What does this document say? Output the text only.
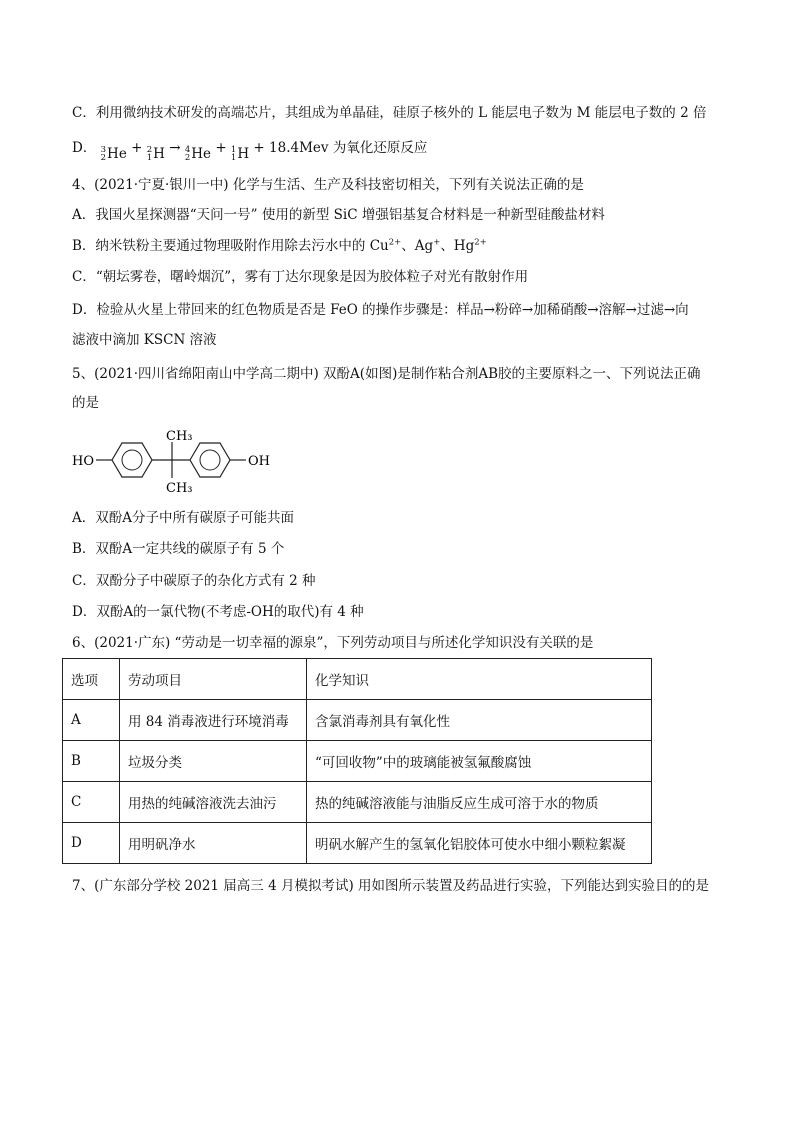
C．利用微纳技术研发的高端芯片，其组成为单晶硅，硅原子核外的 L 能层电子数为 M 能层电子数的 2 倍
D． 3
2 He + 2
1 H → 4
2 He + 1
1 H + 18.4Mev 为氧化还原反应
4、(2021·宁夏·银川一中) 化学与生活、生产及科技密切相关，下列有关说法正确的是
A．我国火星探测器“天问一号” 使用的新型 SiC 增强铝基复合材料是一种新型硅酸盐材料
B．纳米铁粉主要通过物理吸附作用除去污水中的 $Cu^{2+}$、Ag+、$Hg^{2+}$
C．“朝坛雾卷，曙岭烟沉”，雾有丁达尔现象是因为胶体粒子对光有散射作用
D．检验从火星上带回来的红色物质是否是 FeO 的操作步骤是：样品→粉碎→加稀硝酸→溶解→过滤→向
滤液中滴加 KSCN 溶液
5、(2021·四川省绵阳南山中学高二期中) 双酚A(如图)是制作粘合剂AB胶的主要原料之一、下列说法正确
的是
HO
CH₃
CH₃
OH
A．双酚A分子中所有碳原子可能共面
B．双酚A一定共线的碳原子有 5 个
C．双酚分子中碳原子的杂化方式有 2 种
D．双酚A的一氯代物(不考虑-OH的取代)有 4 种
6、(2021·广东) “劳动是一切幸福的源泉”，下列劳动项目与所述化学知识没有关联的是
选项	劳动项目	化学知识
A	用 84 消毒液进行环境消毒	含氯消毒剂具有氧化性
B	垃圾分类	“可回收物”中的玻璃能被氢氟酸腐蚀
C	用热的纯碱溶液洗去油污	热的纯碱溶液能与油脂反应生成可溶于水的物质
D	用明矾净水	明矾水解产生的氢氧化铝胶体可使水中细小颗粒絮凝
7、(广东部分学校 2021 届高三 4 月模拟考试) 用如图所示装置及药品进行实验，下列能达到实验目的的是
